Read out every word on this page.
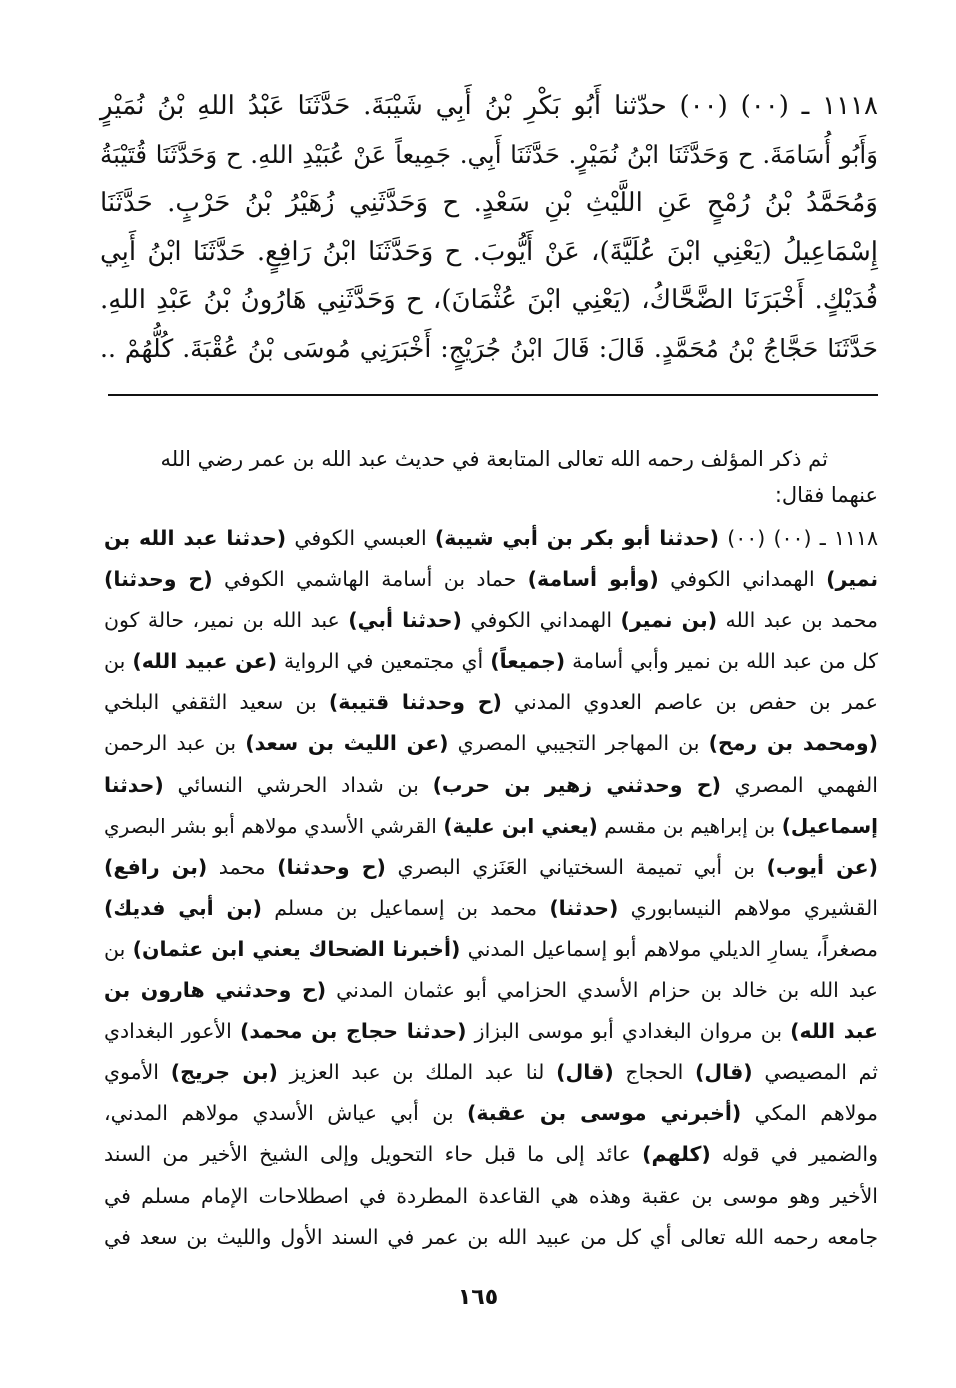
١١١٨ ـ (٠٠) (٠٠) حدّثنا أَبُو بَكْرِ بْنُ أَبِي شَيْبَةَ. حَدَّثَنَا عَبْدُ اللهِ بْنُ نُمَيْرٍ
وَأَبُو أُسَامَةَ. ح وَحَدَّثَنَا ابْنُ نُمَيْرٍ. حَدَّثَنَا أَبِي. جَمِيعاً عَنْ عُبَيْدِ اللهِ. ح وَحَدَّثَنَا قُتَيْبَةُ
وَمُحَمَّدُ بْنُ رُمْحٍ عَنِ اللَّيْثِ بْنِ سَعْدٍ. ح وَحَدَّثَنِي زُهَيْرُ بْنُ حَرْبٍ. حَدَّثَنَا
إِسْمَاعِيلُ (يَعْنِي ابْنَ عُلَيَّةَ)، عَنْ أَيُّوبَ. ح وَحَدَّثَنَا ابْنُ رَافِعٍ. حَدَّثَنَا ابْنُ أَبِي
فُدَيْكٍ. أَخْبَرَنَا الضَّحَّاكُ، (يَعْنِي ابْنَ عُثْمَانَ)، ح وَحَدَّثَنِي هَارُونُ بْنُ عَبْدِ اللهِ.
حَدَّثَنَا حَجَّاجُ بْنُ مُحَمَّدٍ. قَالَ: قَالَ ابْنُ جُرَيْجٍ: أَخْبَرَنِي مُوسَى بْنُ عُقْبَةَ. كُلُّهُمْ ..
ثم ذكر المؤلف رحمه الله تعالى المتابعة في حديث عبد الله بن عمر رضي الله
عنهما فقال:
١١١٨ ـ (٠٠) (٠٠) (حدثنا أبو بكر بن أبي شيبة) العبسي الكوفي (حدثنا عبد الله بن
نمير) الهمداني الكوفي (وأبو أسامة) حماد بن أسامة الهاشمي الكوفي (ح وحدثنا)
محمد بن عبد الله (بن نمير) الهمداني الكوفي (حدثنا أبي) عبد الله بن نمير، حالة كون
كل من عبد الله بن نمير وأبي أسامة (جميعاً) أي مجتمعين في الرواية (عن عبيد الله) بن
عمر بن حفص بن عاصم العدوي المدني (ح وحدثنا قتيبة) بن سعيد الثقفي البلخي
(ومحمد بن رمح) بن المهاجر التجيبي المصري (عن الليث بن سعد) بن عبد الرحمن
الفهمي المصري (ح وحدثني زهير بن حرب) بن شداد الحرشي النسائي (حدثنا
إسماعيل) بن إبراهيم بن مقسم (يعني ابن علية) القرشي الأسدي مولاهم أبو بشر البصري
(عن أيوب) بن أبي تميمة السختياني العَنَزي البصري (ح وحدثنا) محمد (بن رافع)
القشيري مولاهم النيسابوري (حدثنا) محمد بن إسماعيل بن مسلم (بن أبي فديك)
مصغراً، يسارِ الديلي مولاهم أبو إسماعيل المدني (أخبرنا الضحاك يعني ابن عثمان) بن
عبد الله بن خالد بن حزام الأسدي الحزامي أبو عثمان المدني (ح وحدثني هارون بن
عبد الله) بن مروان البغدادي أبو موسى البزاز (حدثنا حجاج بن محمد) الأعور البغدادي
ثم المصيصي (قال) الحجاج (قال) لنا عبد الملك بن عبد العزيز (بن جريج) الأموي
مولاهم المكي (أخبرني موسى بن عقبة) بن أبي عياش الأسدي مولاهم المدني،
والضمير في قوله (كلهم) عائد إلى ما قبل حاء التحويل وإلى الشيخ الأخير من السند
الأخير وهو موسى بن عقبة وهذه هي القاعدة المطردة في اصطلاحات الإمام مسلم في
جامعه رحمه الله تعالى أي كل من عبيد الله بن عمر في السند الأول والليث بن سعد في
١٦٥
